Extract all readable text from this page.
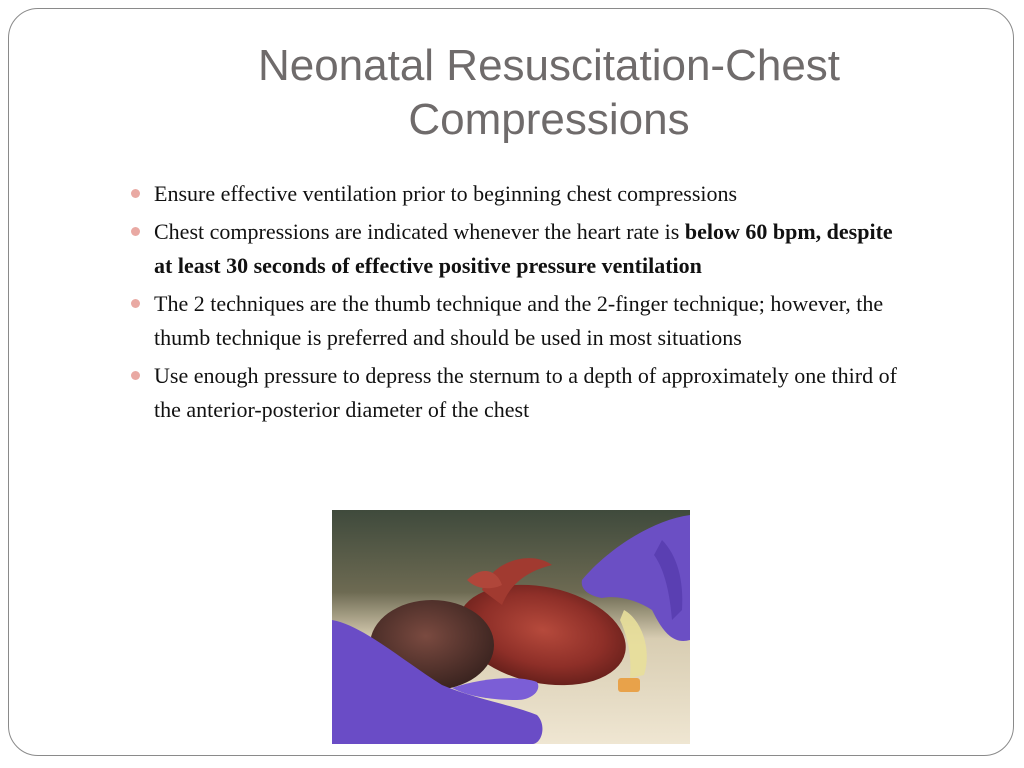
Neonatal Resuscitation-Chest
Compressions
Ensure effective ventilation prior to beginning chest compressions
Chest compressions are indicated whenever the heart rate is below 60 bpm, despite at least 30 seconds of effective positive pressure ventilation
The 2 techniques are the thumb technique and the 2-finger technique; however, the thumb technique is preferred and should be used in most situations
Use enough pressure to depress the sternum to a depth of approximately one third of the anterior-posterior diameter of the chest
